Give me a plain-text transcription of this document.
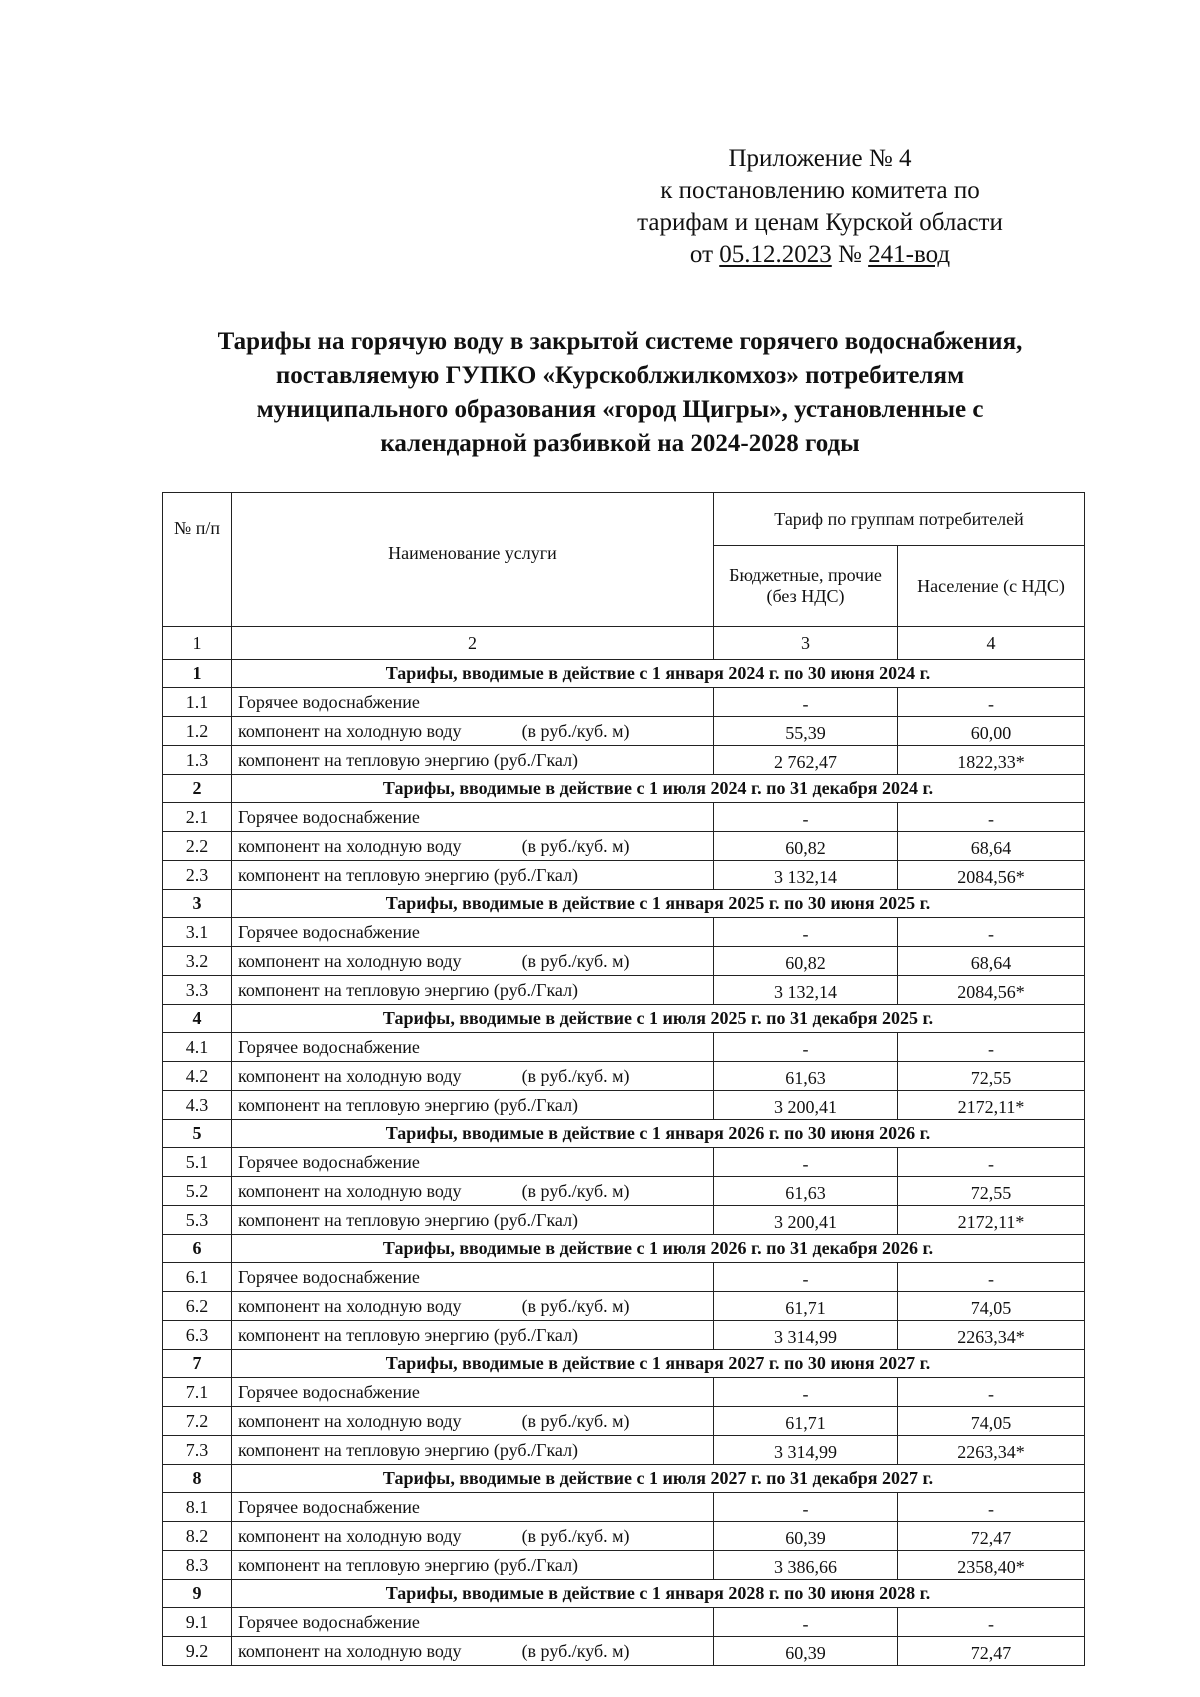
Приложение № 4
к постановлению комитета по
тарифам и ценам Курской области
от 05.12.2023 № 241-вод
Тарифы на горячую воду в закрытой системе горячего водоснабжения,
поставляемую ГУПКО «Курскоблжилкомхоз» потребителям
муниципального образования «город Щигры», установленные с
календарной разбивкой на 2024-2028 годы
№ п/п	Наименование услуги	Тариф по группам потребителей	
		Бюджетные, прочие (без НДС)	Население (с НДС)
1	2	3	4
1	Тарифы, вводимые в действие с 1 января 2024 г. по 30 июня 2024 г.		
1.1	Горячее водоснабжение	-	-
1.2	компонент на холодную воду (в руб./куб. м)	55,39	60,00
1.3	компонент на тепловую энергию (руб./Гкал)	2 762,47	1822,33*
2	Тарифы, вводимые в действие с 1 июля 2024 г. по 31 декабря 2024 г.		
2.1	Горячее водоснабжение	-	-
2.2	компонент на холодную воду (в руб./куб. м)	60,82	68,64
2.3	компонент на тепловую энергию (руб./Гкал)	3 132,14	2084,56*
3	Тарифы, вводимые в действие с 1 января 2025 г. по 30 июня 2025 г.		
3.1	Горячее водоснабжение	-	-
3.2	компонент на холодную воду (в руб./куб. м)	60,82	68,64
3.3	компонент на тепловую энергию (руб./Гкал)	3 132,14	2084,56*
4	Тарифы, вводимые в действие с 1 июля 2025 г. по 31 декабря 2025 г.		
4.1	Горячее водоснабжение	-	-
4.2	компонент на холодную воду (в руб./куб. м)	61,63	72,55
4.3	компонент на тепловую энергию (руб./Гкал)	3 200,41	2172,11*
5	Тарифы, вводимые в действие с 1 января 2026 г. по 30 июня 2026 г.		
5.1	Горячее водоснабжение	-	-
5.2	компонент на холодную воду (в руб./куб. м)	61,63	72,55
5.3	компонент на тепловую энергию (руб./Гкал)	3 200,41	2172,11*
6	Тарифы, вводимые в действие с 1 июля 2026 г. по 31 декабря 2026 г.		
6.1	Горячее водоснабжение	-	-
6.2	компонент на холодную воду (в руб./куб. м)	61,71	74,05
6.3	компонент на тепловую энергию (руб./Гкал)	3 314,99	2263,34*
7	Тарифы, вводимые в действие с 1 января 2027 г. по 30 июня 2027 г.		
7.1	Горячее водоснабжение	-	-
7.2	компонент на холодную воду (в руб./куб. м)	61,71	74,05
7.3	компонент на тепловую энергию (руб./Гкал)	3 314,99	2263,34*
8	Тарифы, вводимые в действие с 1 июля 2027 г. по 31 декабря 2027 г.		
8.1	Горячее водоснабжение	-	-
8.2	компонент на холодную воду (в руб./куб. м)	60,39	72,47
8.3	компонент на тепловую энергию (руб./Гкал)	3 386,66	2358,40*
9	Тарифы, вводимые в действие с 1 января 2028 г. по 30 июня 2028 г.		
9.1	Горячее водоснабжение	-	-
9.2	компонент на холодную воду (в руб./куб. м)	60,39	72,47
